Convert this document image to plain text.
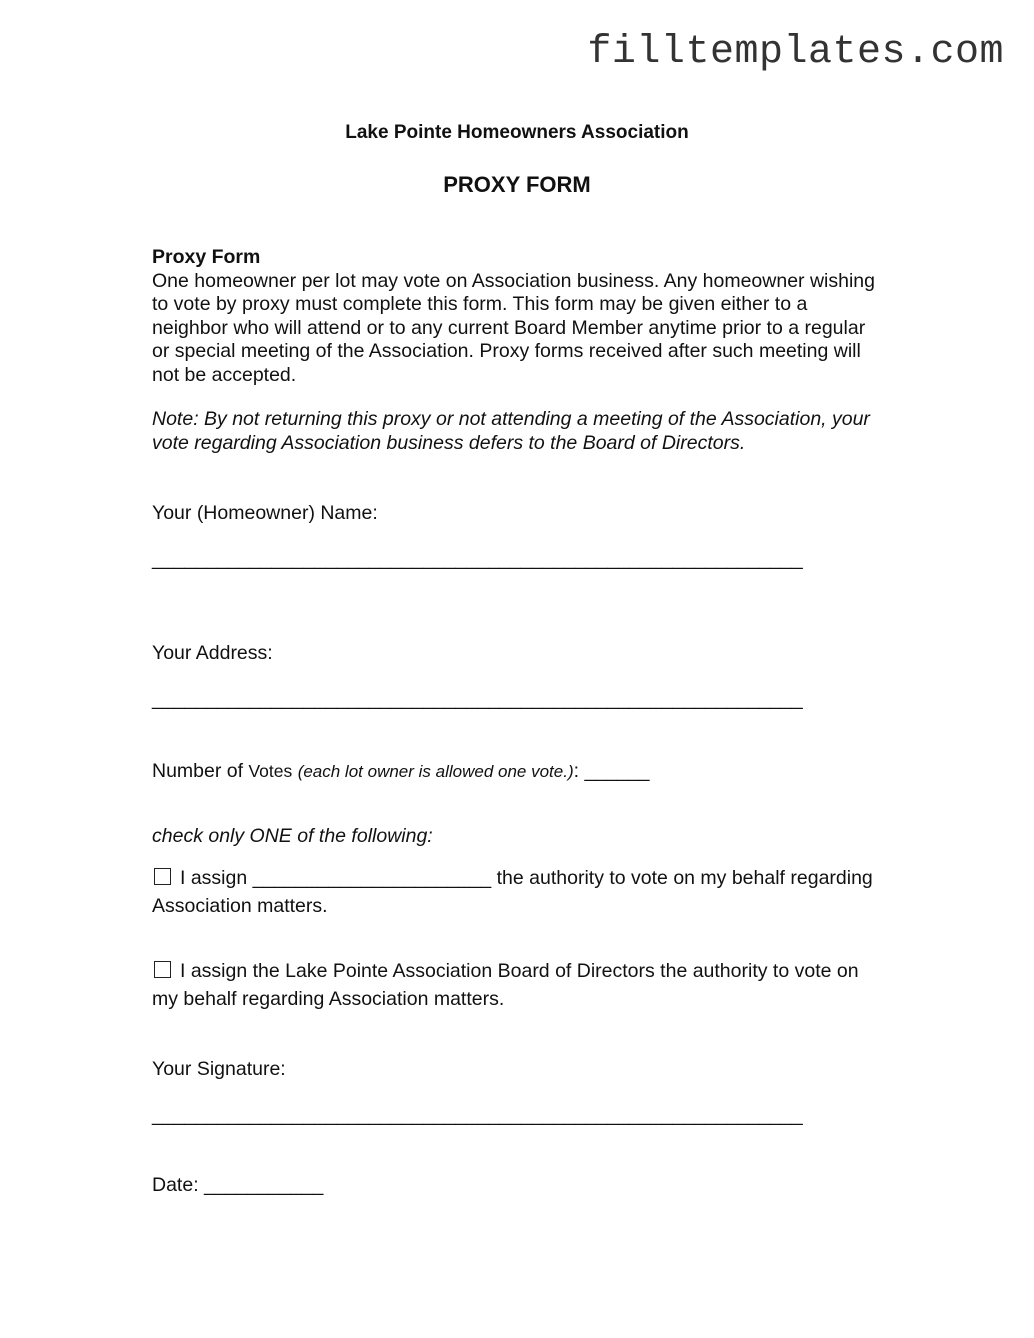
filltemplates.com
Lake Pointe Homeowners Association
PROXY FORM
Proxy Form
One homeowner per lot may vote on Association business. Any homeowner wishing to vote by proxy must complete this form. This form may be given either to a neighbor who will attend or to any current Board Member anytime prior to a regular or special meeting of the Association. Proxy forms received after such meeting will not be accepted.
Note: By not returning this proxy or not attending a meeting of the Association, your vote regarding Association business defers to the Board of Directors.
Your (Homeowner) Name:
____________________________________________________________
Your Address:
____________________________________________________________
Number of Votes (each lot owner is allowed one vote.): ______
check only ONE of the following:
I assign ______________________ the authority to vote on my behalf regarding Association matters.
I assign the Lake Pointe Association Board of Directors the authority to vote on my behalf regarding Association matters.
Your Signature:
____________________________________________________________
Date: ___________
